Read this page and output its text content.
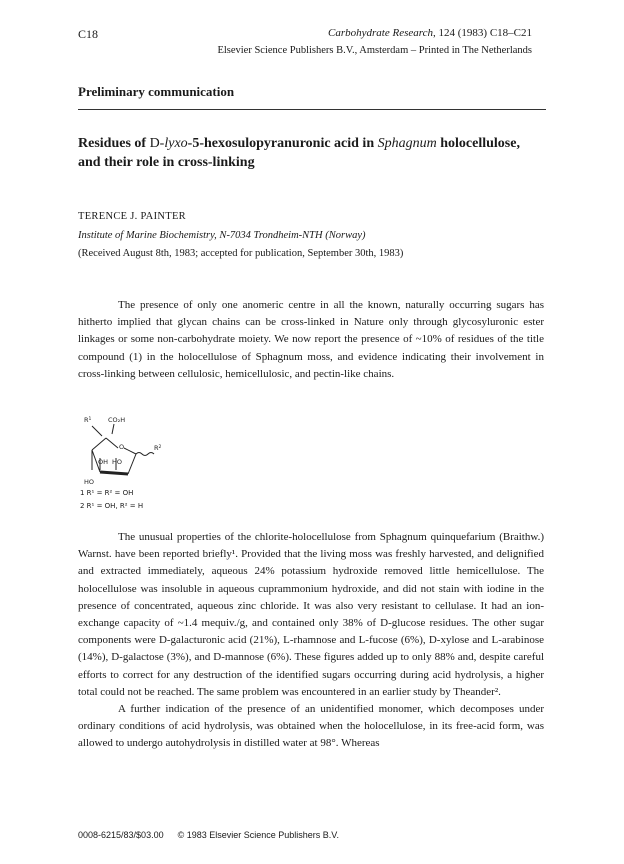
C18	Carbohydrate Research, 124 (1983) C18–C21
Elsevier Science Publishers B.V., Amsterdam – Printed in The Netherlands
Preliminary communication
Residues of D-lyxo-5-hexosulopyranuronic acid in Sphagnum holocellulose, and their role in cross-linking
TERENCE J. PAINTER
Institute of Marine Biochemistry, N-7034 Trondheim-NTH (Norway)
(Received August 8th, 1983; accepted for publication, September 30th, 1983)

The presence of only one anomeric centre in all the known, naturally occurring sugars has hitherto implied that glycan chains can be cross-linked in Nature only through glycosyluronic ester linkages or some non-carbohydrate moiety. We now report the presence of ~10% of residues of the title compound (1) in the holocellulose of Sphagnum moss, and evidence indicating their involvement in cross-linking between cellulosic, hemicellulosic, and pectin-like chains.

$R^1$	CO₂H
O
OH HO
$R^2$
HO
1 R¹ = R² = OH
2 R¹ = OH, R² = H

The unusual properties of the chlorite-holocellulose from Sphagnum quinquefarium (Braithw.) Warnst. have been reported briefly¹. Provided that the living moss was freshly harvested, and delignified and extracted immediately, aqueous 24% potassium hydroxide removed little hemicellulose. The holocellulose was insoluble in aqueous cuprammonium hydroxide, and did not stain with iodine in the presence of concentrated, aqueous zinc chloride. It was also very resistant to cellulase. It had an ion-exchange capacity of ~1.4 mequiv./g, and contained only 38% of D-glucose residues. The other sugar components were D-galacturonic acid (21%), L-rhamnose and L-fucose (6%), D-xylose and L-arabinose (14%), D-galactose (3%), and D-mannose (6%). These figures added up to only 88% and, despite careful efforts to correct for any destruction of the identified sugars occurring during acid hydrolysis, a higher total could not be reached. The same problem was encountered in an earlier study by Theander².

A further indication of the presence of an unidentified monomer, which decomposes under ordinary conditions of acid hydrolysis, was obtained when the holocellulose, in its free-acid form, was allowed to undergo autohydrolysis in distilled water at 98°. Whereas

0008-6215/83/$03.00 © 1983 Elsevier Science Publishers B.V.
